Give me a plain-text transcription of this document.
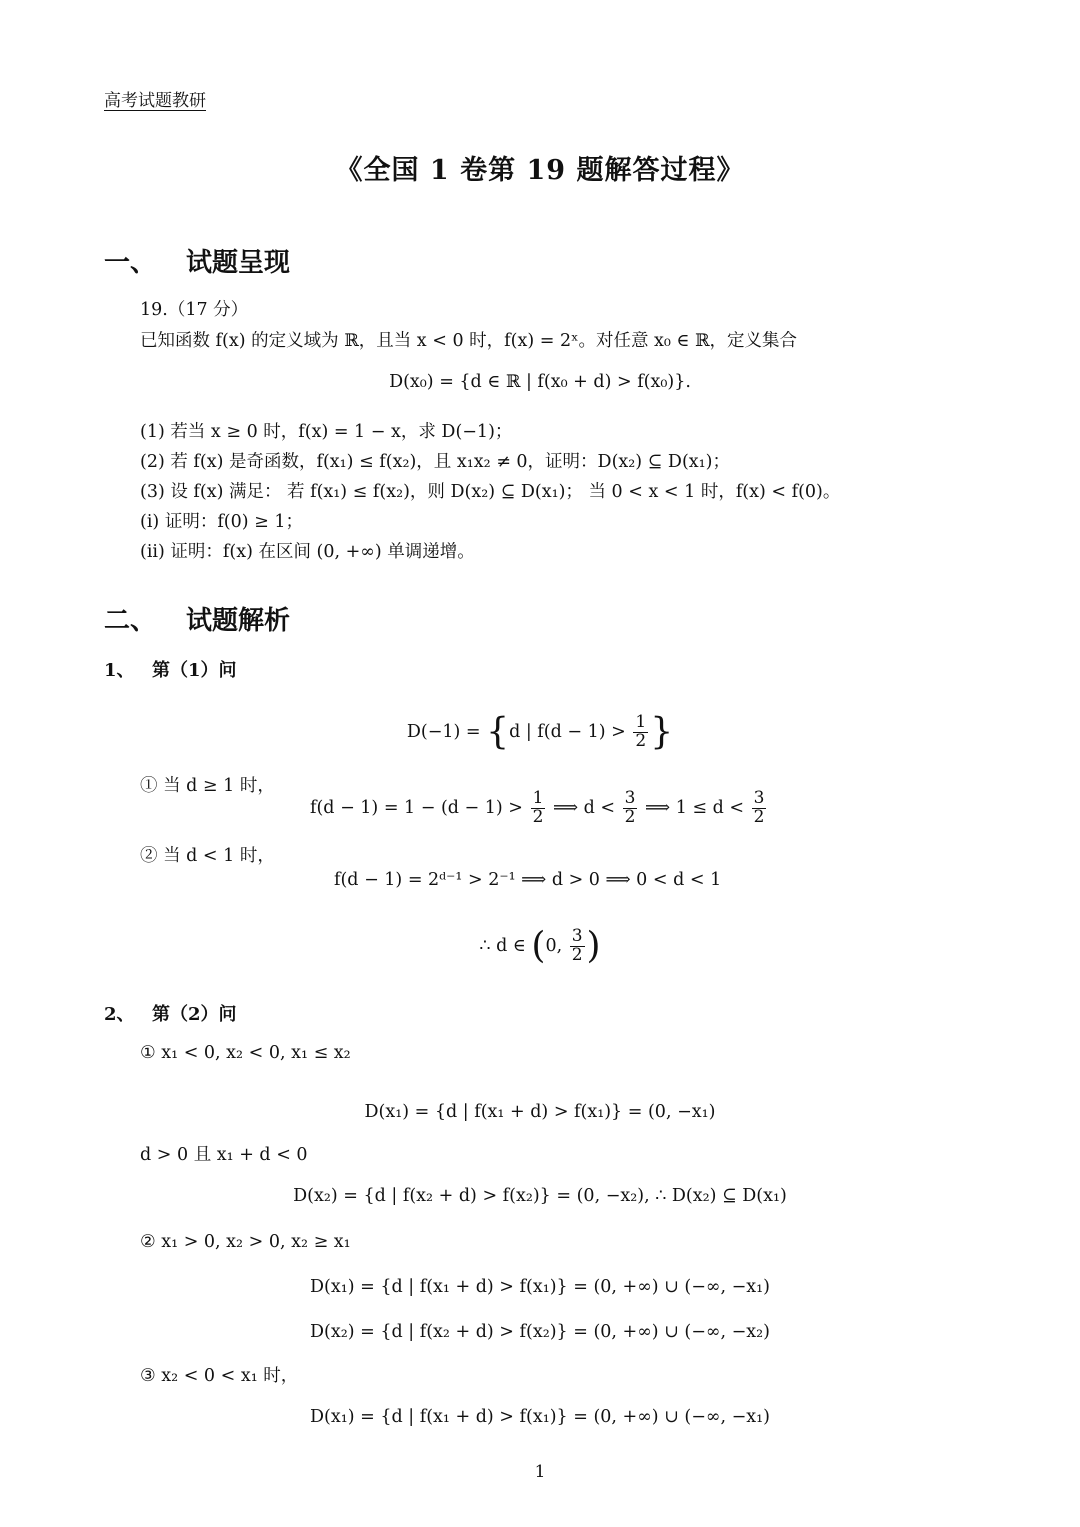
高考试题教研
《全国 1 卷第 19 题解答过程》
一、 试题呈现
19.（17 分）
已知函数 f(x) 的定义域为 ℝ，且当 x < 0 时，f(x) = 2ˣ。对任意 x₀ ∈ ℝ，定义集合
D(x₀) = {d ∈ ℝ | f(x₀ + d) > f(x₀)}.
(1) 若当 x ≥ 0 时，f(x) = 1 − x，求 D(−1)；
(2) 若 f(x) 是奇函数，f(x₁) ≤ f(x₂)，且 x₁x₂ ≠ 0，证明：D(x₂) ⊆ D(x₁)；
(3) 设 f(x) 满足： 若 f(x₁) ≤ f(x₂)，则 D(x₂) ⊆ D(x₁)； 当 0 < x < 1 时，f(x) < f(0)。
(i) 证明：f(0) ≥ 1；
(ii) 证明：f(x) 在区间 (0, +∞) 单调递增。
二、 试题解析
1、 第（1）问
D(−1) = {d | $f(d - 1) > \frac{1}{2}$ }
① 当 d ≥ 1 时，
$f(d - 1) = 1 - (d - 1) > \frac{1}{2}$ ⟹ $d < \frac{3}{2}$ ⟹ $1 \le d < \frac{3}{2}$
② 当 d < 1 时，
f(d − 1) = 2ᵈ⁻¹ > 2⁻¹ ⟹ d > 0 ⟹ 0 < d < 1
∴ d ∈ (0, $\frac{3}{2}$ )
2、 第（2）问
① x₁ < 0, x₂ < 0, x₁ ≤ x₂
D(x₁) = {d | f(x₁ + d) > f(x₁)} = (0, −x₁)
d > 0 且 x₁ + d < 0
D(x₂) = {d | f(x₂ + d) > f(x₂)} = (0, −x₂), ∴ D(x₂) ⊆ D(x₁)
② x₁ > 0, x₂ > 0, x₂ ≥ x₁
D(x₁) = {d | f(x₁ + d) > f(x₁)} = (0, +∞) ∪ (−∞, −x₁)
D(x₂) = {d | f(x₂ + d) > f(x₂)} = (0, +∞) ∪ (−∞, −x₂)
③ x₂ < 0 < x₁ 时，
D(x₁) = {d | f(x₁ + d) > f(x₁)} = (0, +∞) ∪ (−∞, −x₁)
1
